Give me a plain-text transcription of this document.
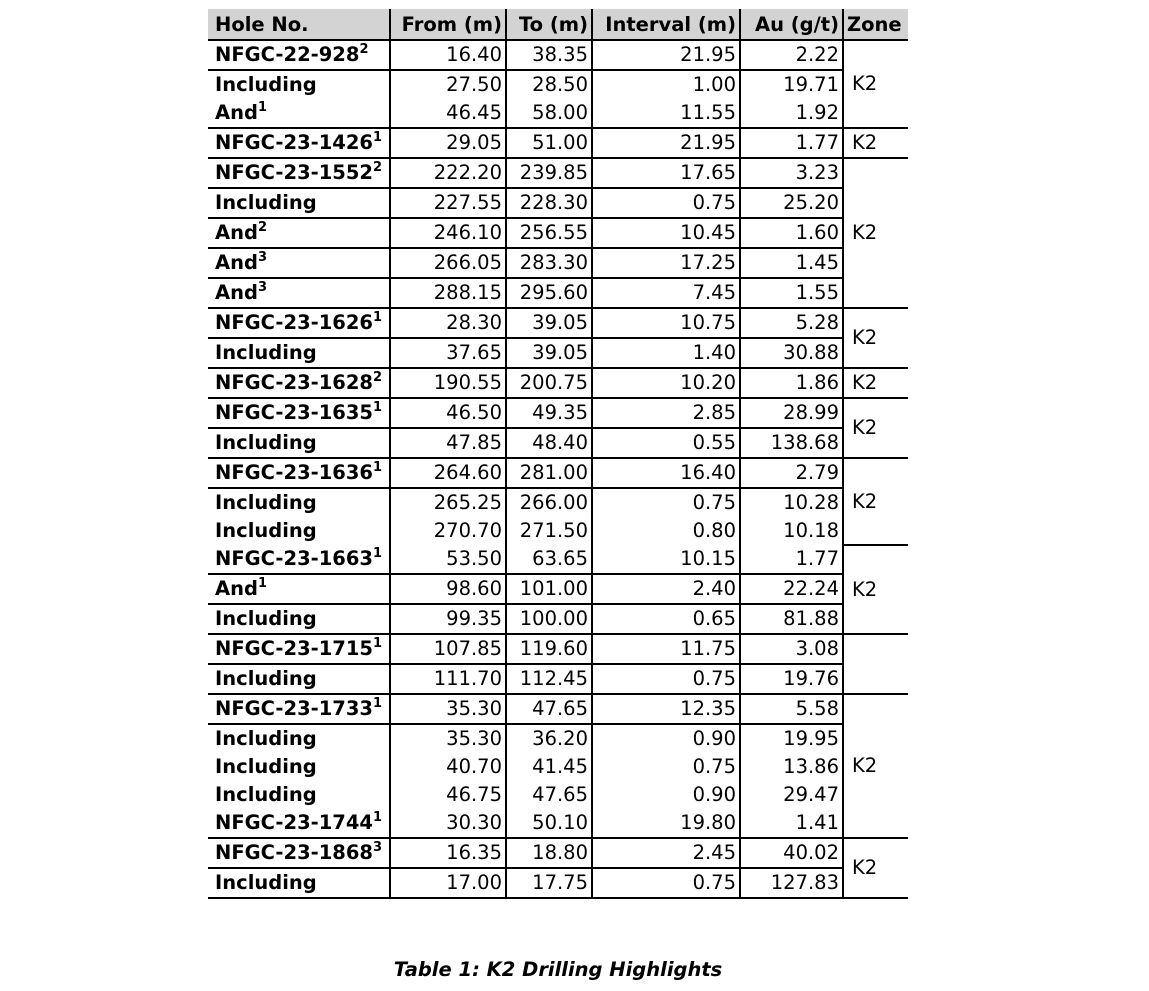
Hole No.	From (m)	To (m)	Interval (m)	Au (g/t)	Zone
NFGC-$22-928^2$	16.40	38.35	21.95	2.22	K2
Including	27.50	28.50	1.00	19.71	
And$^1$	46.45	58.00	11.55	1.92	
NFGC-23-1426$^1$	29.05	51.00	21.95	1.77	K2
NFGC-23-1552$^2$	222.20	239.85	17.65	3.23	K2
Including	227.55	228.30	0.75	25.20	
And$^2$	246.10	256.55	10.45	1.60	
And$^3$	266.05	283.30	17.25	1.45	
And$^3$	288.15	295.60	7.45	1.55	
NFGC-23-1626$^1$	28.30	39.05	10.75	5.28	K2
Including	37.65	39.05	1.40	30.88	
NFGC-23-1628$^2$	190.55	200.75	10.20	1.86	K2
NFGC-23-1635$^1$	46.50	49.35	2.85	28.99	K2
Including	47.85	48.40	0.55	138.68	
NFGC-23-1636$^1$	264.60	281.00	16.40	2.79	K2
Including	265.25	266.00	0.75	10.28	
Including	270.70	271.50	0.80	10.18	
NFGC-23-1663$^1$	53.50	63.65	10.15	1.77	K2
And$^1$	98.60	101.00	2.40	22.24	
Including	99.35	100.00	0.65	81.88	
NFGC-23-1715$^1$	107.85	119.60	11.75	3.08	
Including	111.70	112.45	0.75	19.76	
NFGC-23-1733$^1$	35.30	47.65	12.35	5.58	K2
Including	35.30	36.20	0.90	19.95	
Including	40.70	41.45	0.75	13.86	
Including	46.75	47.65	0.90	29.47	
NFGC-23-1744$^1$	30.30	50.10	19.80	1.41	
NFGC-23-1868$^3$	16.35	18.80	2.45	40.02	K2
Including	17.00	17.75	0.75	127.83	
Table 1: K2 Drilling Highlights
